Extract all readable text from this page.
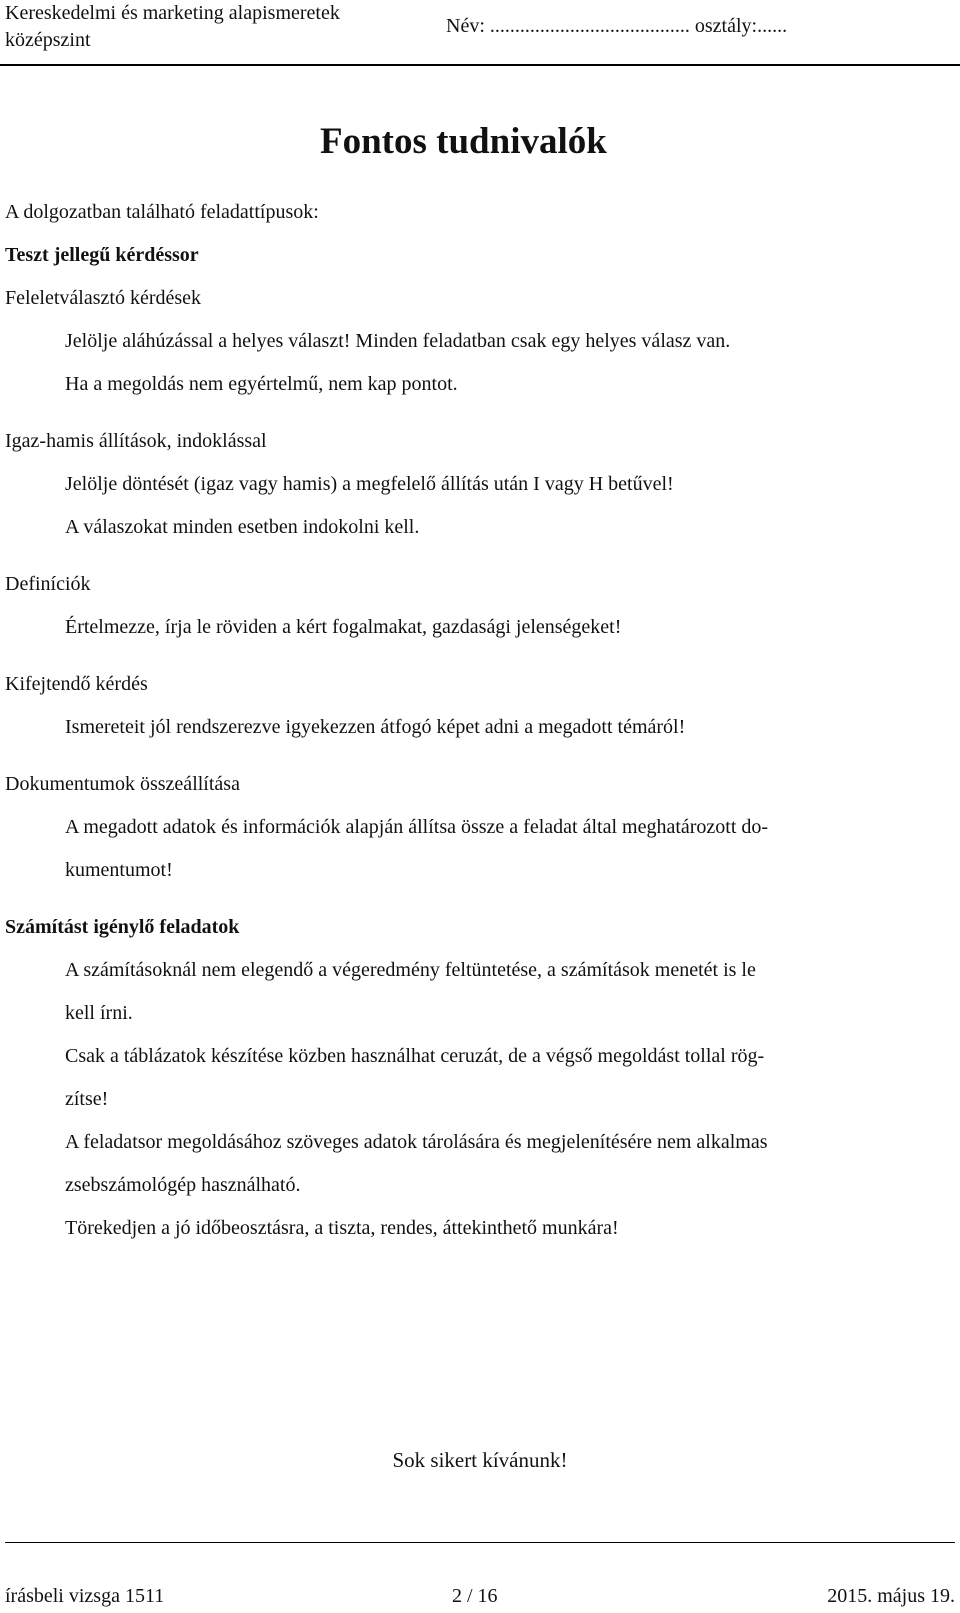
Kereskedelmi és marketing alapismeretek
középszint
Név: ........................................ osztály:......
Fontos tudnivalók

A dolgozatban található feladattípusok:

Teszt jellegű kérdéssor

Feleletválasztó kérdések

Jelölje aláhúzással a helyes választ! Minden feladatban csak egy helyes válasz van.

Ha a megoldás nem egyértelmű, nem kap pontot.

Igaz-hamis állítások, indoklással

Jelölje döntését (igaz vagy hamis) a megfelelő állítás után I vagy H betűvel!

A válaszokat minden esetben indokolni kell.

Definíciók

Értelmezze, írja le röviden a kért fogalmakat, gazdasági jelenségeket!

Kifejtendő kérdés

Ismereteit jól rendszerezve igyekezzen átfogó képet adni a megadott témáról!

Dokumentumok összeállítása

A megadott adatok és információk alapján állítsa össze a feladat által meghatározott do-

kumentumot!

Számítást igénylő feladatok

A számításoknál nem elegendő a végeredmény feltüntetése, a számítások menetét is le

kell írni.

Csak a táblázatok készítése közben használhat ceruzát, de a végső megoldást tollal rög-

zítse!

A feladatsor megoldásához szöveges adatok tárolására és megjelenítésére nem alkalmas

zsebszámológép használható.

Törekedjen a jó időbeosztásra, a tiszta, rendes, áttekinthető munkára!

Sok sikert kívánunk!
írásbeli vizsga 1511	2 / 16	2015. május 19.
